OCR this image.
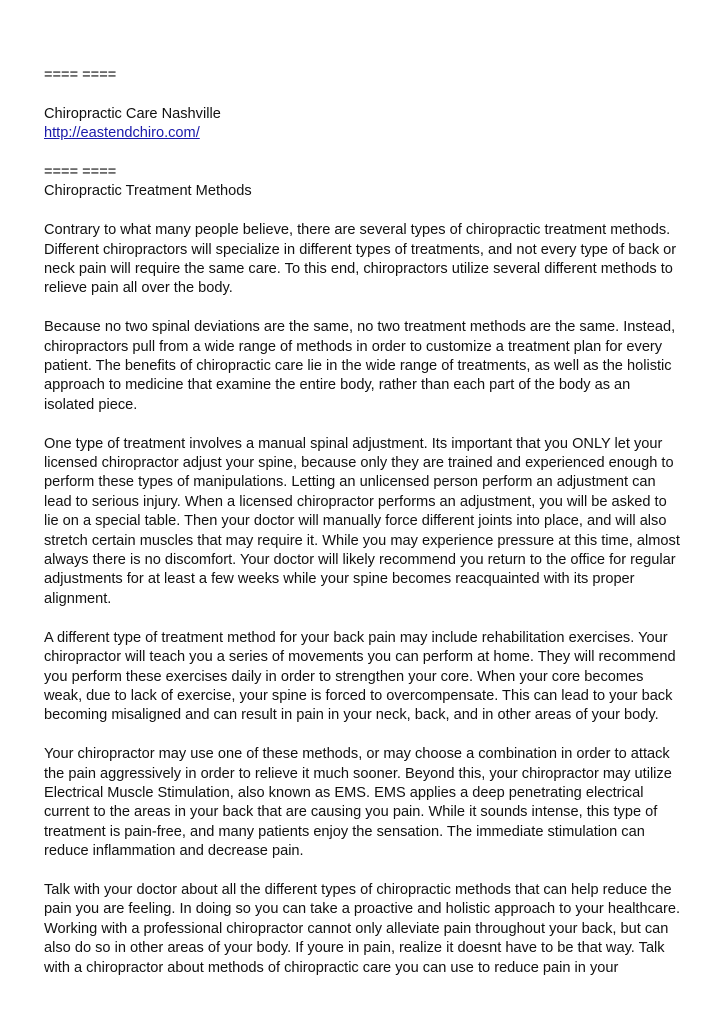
==== ====
Chiropractic Care Nashville
http://eastendchiro.com/
==== ====
Chiropractic Treatment Methods
Contrary to what many people believe, there are several types of chiropractic treatment methods.
Different chiropractors will specialize in different types of treatments, and not every type of back or
neck pain will require the same care. To this end, chiropractors utilize several different methods to
relieve pain all over the body.
Because no two spinal deviations are the same, no two treatment methods are the same. Instead,
chiropractors pull from a wide range of methods in order to customize a treatment plan for every
patient. The benefits of chiropractic care lie in the wide range of treatments, as well as the holistic
approach to medicine that examine the entire body, rather than each part of the body as an
isolated piece.
One type of treatment involves a manual spinal adjustment. Its important that you ONLY let your
licensed chiropractor adjust your spine, because only they are trained and experienced enough to
perform these types of manipulations. Letting an unlicensed person perform an adjustment can
lead to serious injury. When a licensed chiropractor performs an adjustment, you will be asked to
lie on a special table. Then your doctor will manually force different joints into place, and will also
stretch certain muscles that may require it. While you may experience pressure at this time, almost
always there is no discomfort. Your doctor will likely recommend you return to the office for regular
adjustments for at least a few weeks while your spine becomes reacquainted with its proper
alignment.
A different type of treatment method for your back pain may include rehabilitation exercises. Your
chiropractor will teach you a series of movements you can perform at home. They will recommend
you perform these exercises daily in order to strengthen your core. When your core becomes
weak, due to lack of exercise, your spine is forced to overcompensate. This can lead to your back
becoming misaligned and can result in pain in your neck, back, and in other areas of your body.
Your chiropractor may use one of these methods, or may choose a combination in order to attack
the pain aggressively in order to relieve it much sooner. Beyond this, your chiropractor may utilize
Electrical Muscle Stimulation, also known as EMS. EMS applies a deep penetrating electrical
current to the areas in your back that are causing you pain. While it sounds intense, this type of
treatment is pain-free, and many patients enjoy the sensation. The immediate stimulation can
reduce inflammation and decrease pain.
Talk with your doctor about all the different types of chiropractic methods that can help reduce the
pain you are feeling. In doing so you can take a proactive and holistic approach to your healthcare.
Working with a professional chiropractor cannot only alleviate pain throughout your back, but can
also do so in other areas of your body. If youre in pain, realize it doesnt have to be that way. Talk
with a chiropractor about methods of chiropractic care you can use to reduce pain in your
